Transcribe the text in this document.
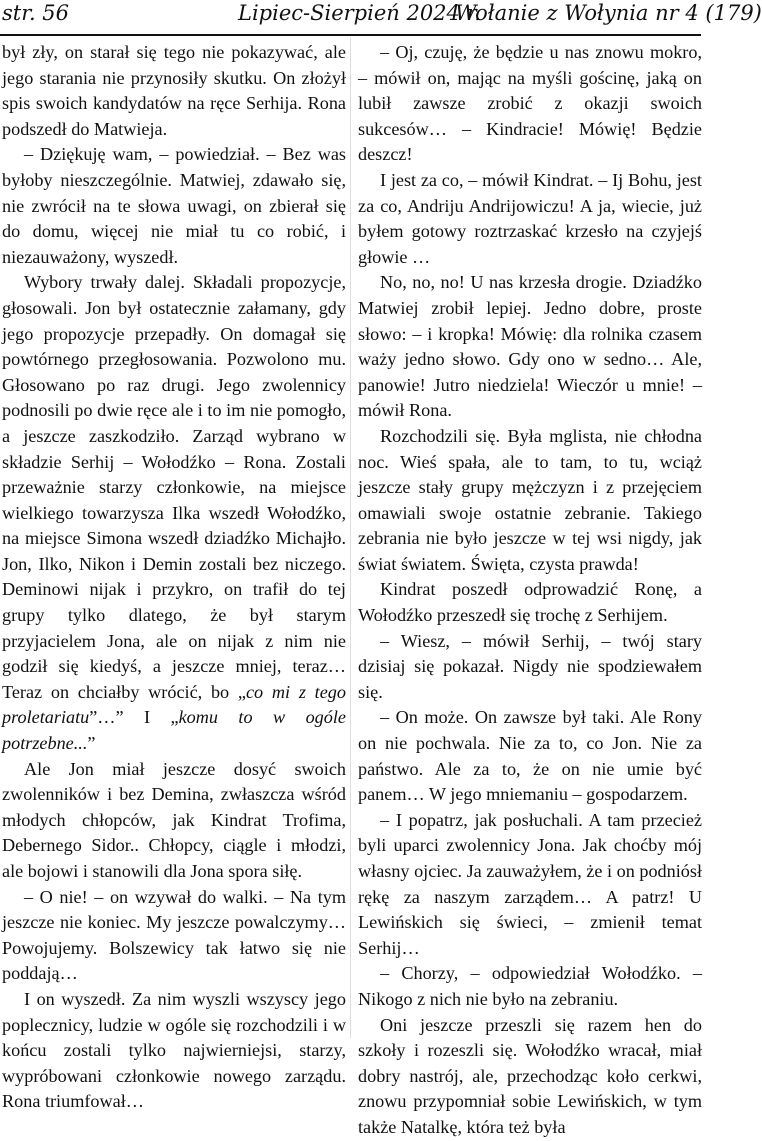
str. 56	Lipiec-Sierpień 2024 r.
Wołanie z Wołynia nr 4 (179)

był zły, on starał się tego nie pokazywać, ale jego starania nie przynosiły skutku. On złożył spis swoich kandydatów na ręce Serhija. Rona podszedł do Matwieja.

– Dziękuję wam, – powiedział. – Bez was byłoby nieszczególnie. Matwiej, zdawało się, nie zwrócił na te słowa uwagi, on zbierał się do domu, więcej nie miał tu co robić, i niezauważony, wyszedł.

Wybory trwały dalej. Składali propozycje, głosowali. Jon był ostatecznie załamany, gdy jego propozycje przepadły. On domagał się powtórnego przegłosowania. Pozwolono mu. Głosowano po raz drugi. Jego zwolennicy podnosili po dwie ręce ale i to im nie pomogło, a jeszcze zaszkodziło. Zarząd wybrano w składzie Serhij – Wołodźko – Rona. Zostali przeważnie starzy członkowie, na miejsce wielkiego towarzysza Ilka wszedł Wołodźko, na miejsce Simona wszedł dziadźko Michajło. Jon, Ilko, Nikon i Demin zostali bez niczego. Deminowi nijak i przykro, on trafił do tej grupy tylko dlatego, że był starym przyjacielem Jona, ale on nijak z nim nie godził się kiedyś, a jeszcze mniej, teraz… Teraz on chciałby wrócić, bo „co mi z tego proletariatu”…” I „komu to w ogóle potrzebne...”

Ale Jon miał jeszcze dosyć swoich zwolenników i bez Demina, zwłaszcza wśród młodych chłopców, jak Kindrat Trofima, Debernego Sidor.. Chłopcy, ciągle i młodzi, ale bojowi i stanowili dla Jona spora siłę.

– O nie! – on wzywał do walki. – Na tym jeszcze nie koniec. My jeszcze powalczymy… Powojujemy. Bolszewicy tak łatwo się nie poddają…

I on wyszedł. Za nim wyszli wszyscy jego poplecznicy, ludzie w ogóle się rozchodzili i w końcu zostali tylko najwierniejsi, starzy, wypróbowani członkowie nowego zarządu. Rona triumfował…

– Oj, czuję, że będzie u nas znowu mokro, – mówił on, mając na myśli gościnę, jaką on lubił zawsze zrobić z okazji swoich sukcesów… – Kindracie! Mówię! Będzie deszcz!

I jest za co, – mówił Kindrat. – Ij Bohu, jest za co, Andriju Andrijowiczu! A ja, wiecie, już byłem gotowy roztrzaskać krzesło na czyjejś głowie …

No, no, no! U nas krzesła drogie. Dziadźko Matwiej zrobił lepiej. Jedno dobre, proste słowo: – i kropka! Mówię: dla rolnika czasem waży jedno słowo. Gdy ono w sedno… Ale, panowie! Jutro niedziela! Wieczór u mnie! – mówił Rona.

Rozchodzili się. Była mglista, nie chłodna noc. Wieś spała, ale to tam, to tu, wciąż jeszcze stały grupy mężczyzn i z przejęciem omawiali swoje ostatnie zebranie. Takiego zebrania nie było jeszcze w tej wsi nigdy, jak świat światem. Święta, czysta prawda!

Kindrat poszedł odprowadzić Ronę, a Wołodźko przeszedł się trochę z Serhijem.

– Wiesz, – mówił Serhij, – twój stary dzisiaj się pokazał. Nigdy nie spodziewałem się.

– On może. On zawsze był taki. Ale Rony on nie pochwala. Nie za to, co Jon. Nie za państwo. Ale za to, że on nie umie być panem… W jego mniemaniu – gospodarzem.

– I popatrz, jak posłuchali. A tam przecież byli uparci zwolennicy Jona. Jak choćby mój własny ojciec. Ja zauważyłem, że i on podniósł rękę za naszym zarządem… A patrz! U Lewińskich się świeci, – zmienił temat Serhij…

– Chorzy, – odpowiedział Wołodźko. – Nikogo z nich nie było na zebraniu.

Oni jeszcze przeszli się razem hen do szkoły i rozeszli się. Wołodźko wracał, miał dobry nastrój, ale, przechodząc koło cerkwi, znowu przypomniał sobie Lewińskich, w tym także Natalkę, która też była
